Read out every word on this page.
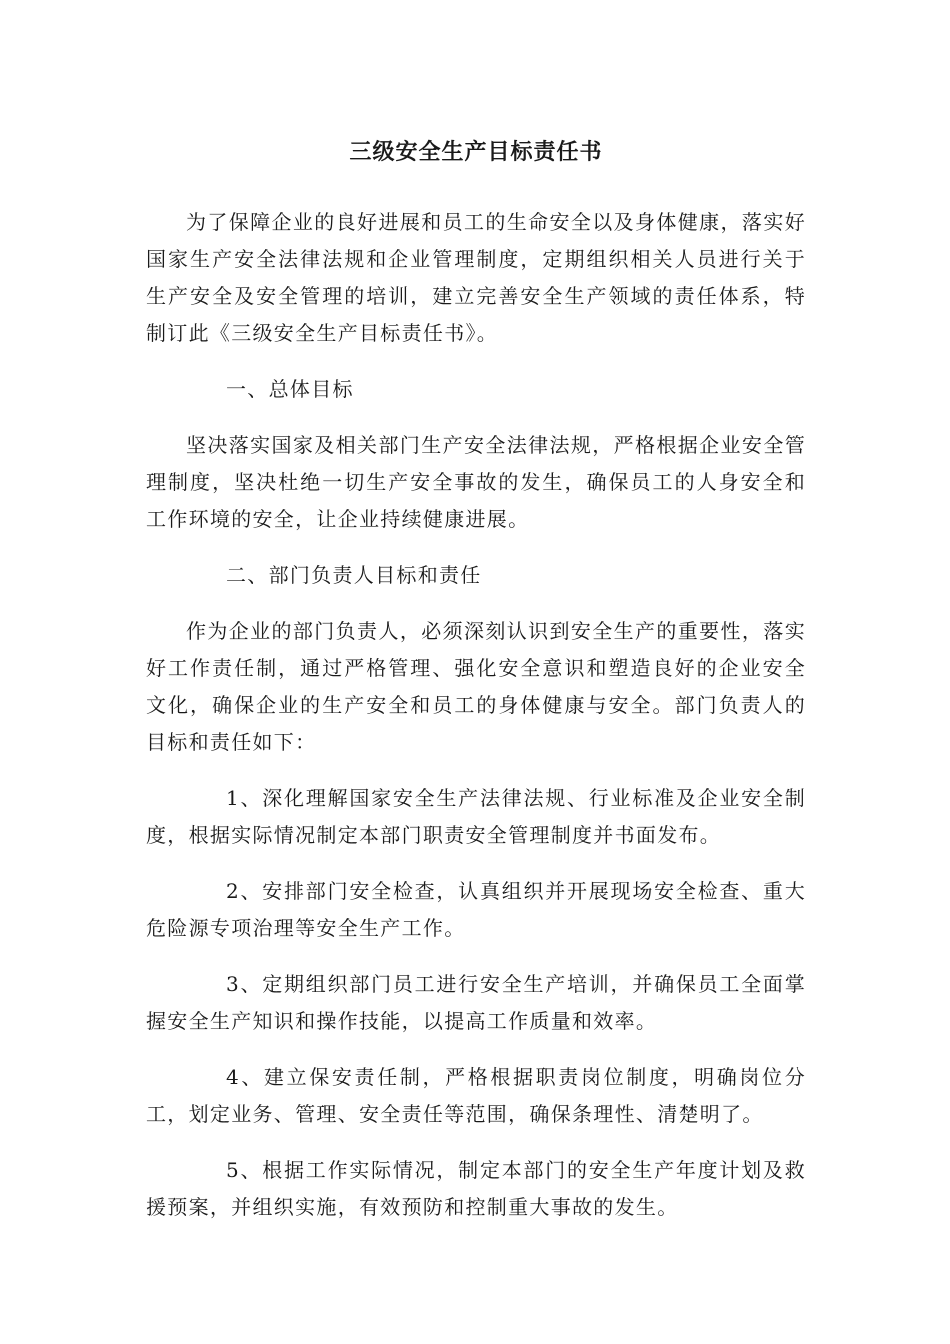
三级安全生产目标责任书

为了保障企业的良好进展和员工的生命安全以及身体健康，落实好国家生产安全法律法规和企业管理制度，定期组织相关人员进行关于生产安全及安全管理的培训，建立完善安全生产领域的责任体系，特制订此《三级安全生产目标责任书》。

一、总体目标

坚决落实国家及相关部门生产安全法律法规，严格根据企业安全管理制度，坚决杜绝一切生产安全事故的发生，确保员工的人身安全和工作环境的安全，让企业持续健康进展。

二、部门负责人目标和责任

作为企业的部门负责人，必须深刻认识到安全生产的重要性，落实好工作责任制，通过严格管理、强化安全意识和塑造良好的企业安全文化，确保企业的生产安全和员工的身体健康与安全。部门负责人的目标和责任如下：

1、深化理解国家安全生产法律法规、行业标准及企业安全制度，根据实际情况制定本部门职责安全管理制度并书面发布。

2、安排部门安全检查，认真组织并开展现场安全检查、重大危险源专项治理等安全生产工作。

3、定期组织部门员工进行安全生产培训，并确保员工全面掌握安全生产知识和操作技能，以提高工作质量和效率。

4、建立保安责任制，严格根据职责岗位制度，明确岗位分工，划定业务、管理、安全责任等范围，确保条理性、清楚明了。

5、根据工作实际情况，制定本部门的安全生产年度计划及救援预案，并组织实施，有效预防和控制重大事故的发生。
